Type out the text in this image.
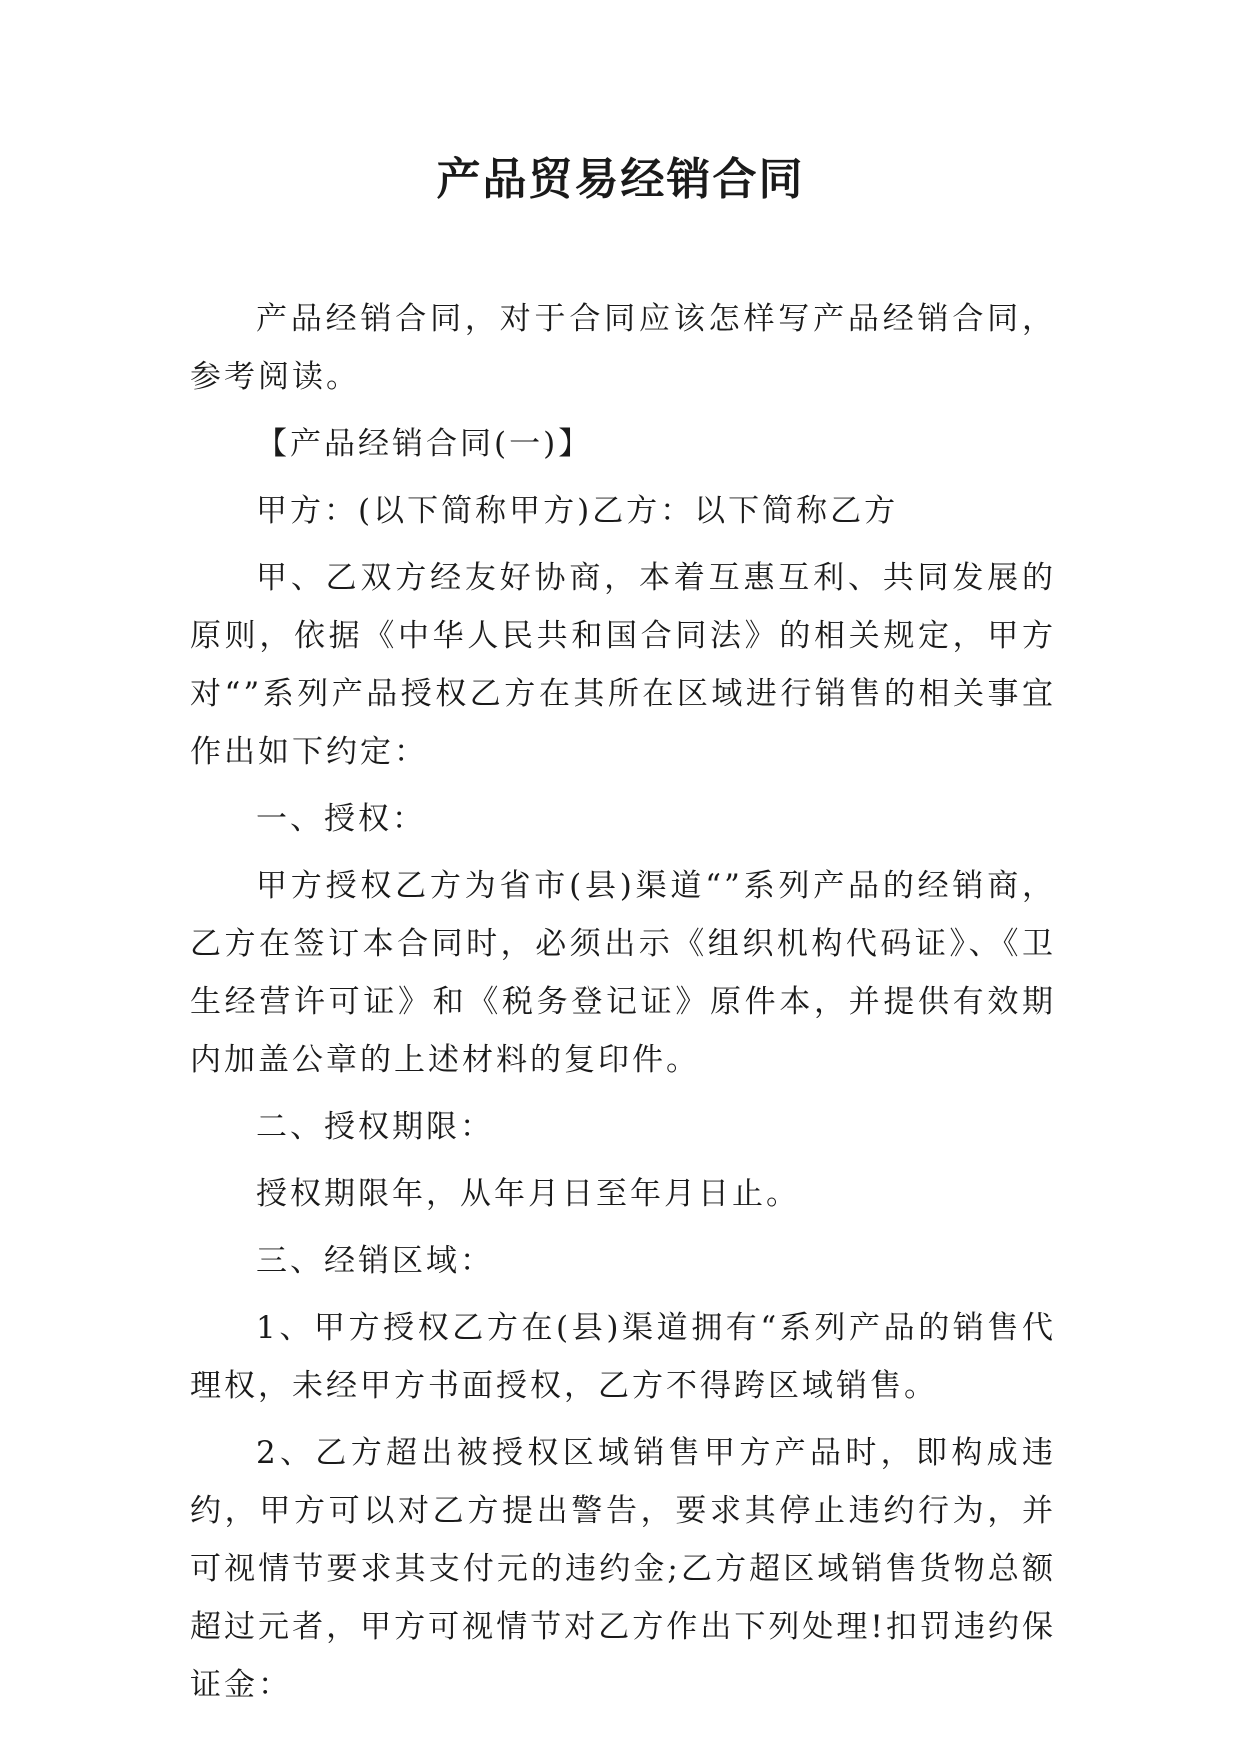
产品贸易经销合同

产品经销合同，对于合同应该怎样写产品经销合同，参考阅读。

【产品经销合同(一)】

甲方：(以下简称甲方)乙方：以下简称乙方

甲、乙双方经友好协商，本着互惠互利、共同发展的原则，依据《中华人民共和国合同法》的相关规定，甲方对“”系列产品授权乙方在其所在区域进行销售的相关事宜作出如下约定：

一、授权：

甲方授权乙方为省市(县)渠道“”系列产品的经销商，乙方在签订本合同时，必须出示《组织机构代码证》、《卫生经营许可证》和《税务登记证》原件本，并提供有效期内加盖公章的上述材料的复印件。

二、授权期限：

授权期限年，从年月日至年月日止。

三、经销区域：

1、甲方授权乙方在(县)渠道拥有“系列产品的销售代理权，未经甲方书面授权，乙方不得跨区域销售。

2、乙方超出被授权区域销售甲方产品时，即构成违约，甲方可以对乙方提出警告，要求其停止违约行为，并可视情节要求其支付元的违约金;乙方超区域销售货物总额超过元者，甲方可视情节对乙方作出下列处理!扣罚违约保证金：
